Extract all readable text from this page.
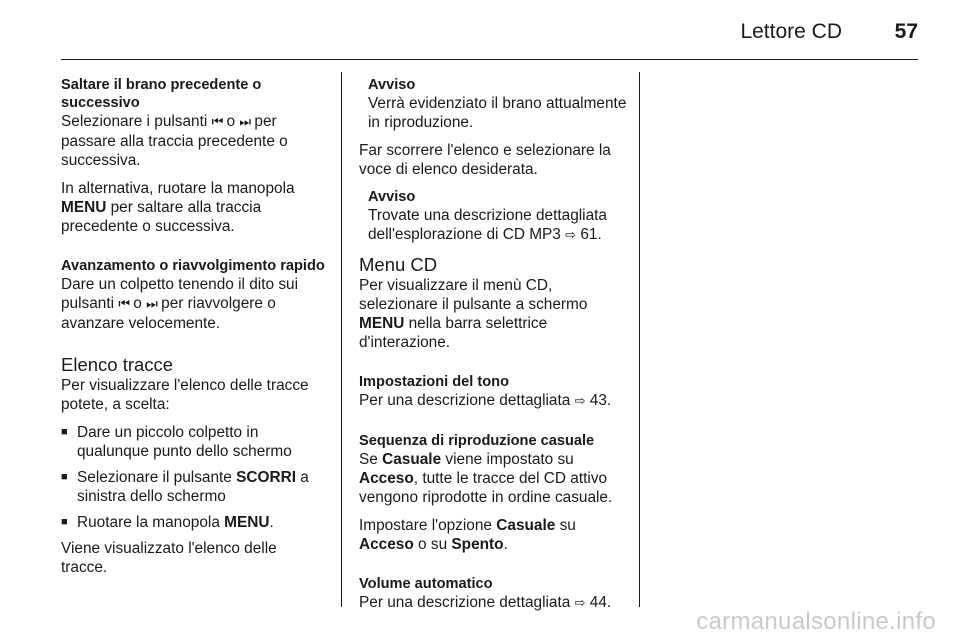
Lettore CD	57

Saltare il brano precedente o successivo

Selezionare i pulsanti ⏮ o ⏭ per passare alla traccia precedente o successiva.

In alternativa, ruotare la manopola MENU per saltare alla traccia precedente o successiva.

Avanzamento o riavvolgimento rapido

Dare un colpetto tenendo il dito sui pulsanti ⏮ o ⏭ per riavvolgere o avanzare velocemente.

Elenco tracce

Per visualizzare l'elenco delle tracce potete, a scelta:

■ Dare un piccolo colpetto in qualunque punto dello schermo
■ Selezionare il pulsante SCORRI a sinistra dello schermo
■ Ruotare la manopola MENU.

Viene visualizzato l'elenco delle tracce.

Avviso
Verrà evidenziato il brano attualmente in riproduzione.

Far scorrere l'elenco e selezionare la voce di elenco desiderata.

Avviso
Trovate una descrizione dettagliata dell'esplorazione di CD MP3 ⇨ 61.
Menu CD

Per visualizzare il menù CD, selezionare il pulsante a schermo MENU nella barra selettrice d'interazione.

Impostazioni del tono

Per una descrizione dettagliata ⇨ 43.

Sequenza di riproduzione casuale

Se Casuale viene impostato su Acceso, tutte le tracce del CD attivo vengono riprodotte in ordine casuale.

Impostare l'opzione Casuale su Acceso o su Spento.

Volume automatico

Per una descrizione dettagliata ⇨ 44.

carmanualsonline.info
